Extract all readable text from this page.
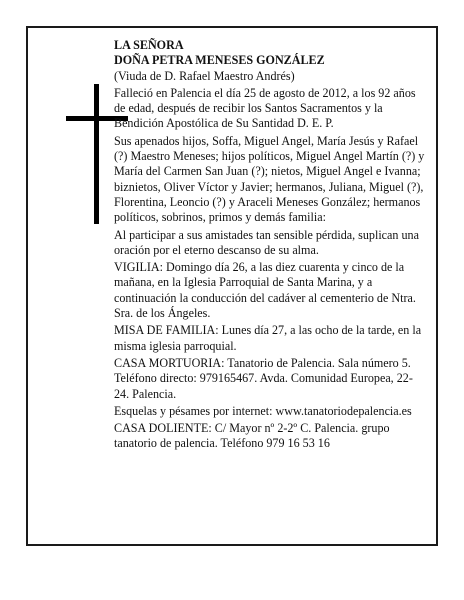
LA SEÑORA
DOÑA PETRA MENESES GONZÁLEZ

(Viuda de D. Rafael Maestro Andrés)

Falleció en Palencia el día 25 de agosto de 2012, a los 92 años de edad, después de recibir los Santos Sacramentos y la Bendición Apostólica de Su Santidad D. E. P.

Sus apenados hijos, Soffa, Miguel Angel, María Jesús y Rafael (?) Maestro Meneses; hijos políticos, Miguel Angel Martín (?) y María del Carmen San Juan (?); nietos, Miguel Angel e Ivanna; biznietos, Oliver Víctor y Javier; hermanos, Juliana, Miguel (?), Florentina, Leoncio (?) y Araceli Meneses González; hermanos políticos, sobrinos, primos y demás familia:

Al participar a sus amistades tan sensible pérdida, suplican una oración por el eterno descanso de su alma.

VIGILIA: Domingo día 26, a las diez cuarenta y cinco de la mañana, en la Iglesia Parroquial de Santa Marina, y a continuación la conducción del cadáver al cementerio de Ntra. Sra. de los Ángeles.

MISA DE FAMILIA: Lunes día 27, a las ocho de la tarde, en la misma iglesia parroquial.

CASA MORTUORIA: Tanatorio de Palencia. Sala número 5. Teléfono directo: 979165467. Avda. Comunidad Europea, 22-24. Palencia.

Esquelas y pésames por internet: www.tanatoriodepalencia.es

CASA DOLIENTE: C/ Mayor nº 2-2º C. Palencia. grupo tanatorio de palencia. Teléfono 979 16 53 16
